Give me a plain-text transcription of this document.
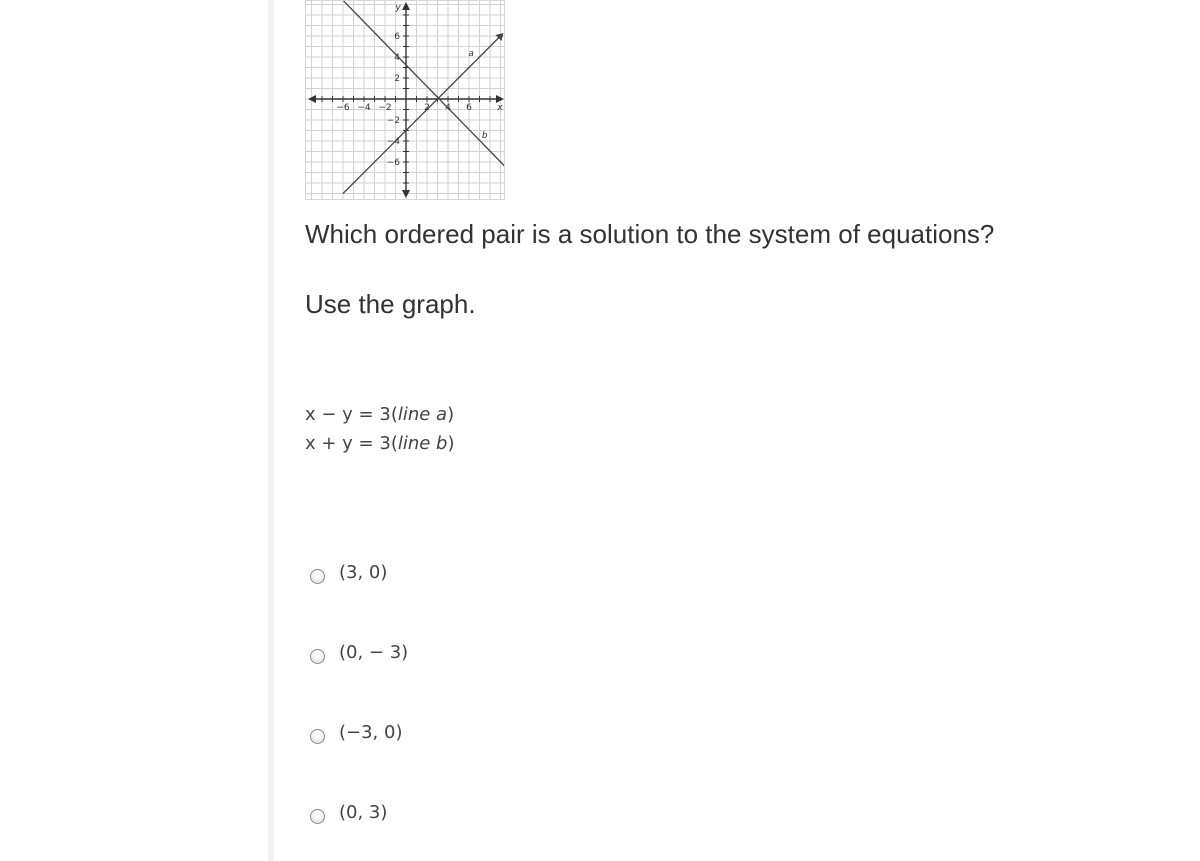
−6 −4 −2	2 4 6
6
4
2
−2
−4
−6
y
x
a
b

Which ordered pair is a solution to the system of equations?

Use the graph.

x − y = 3(line a)
x + y = 3(line b)
(3, 0)
(0, − 3)
(−3, 0)
(0, 3)
